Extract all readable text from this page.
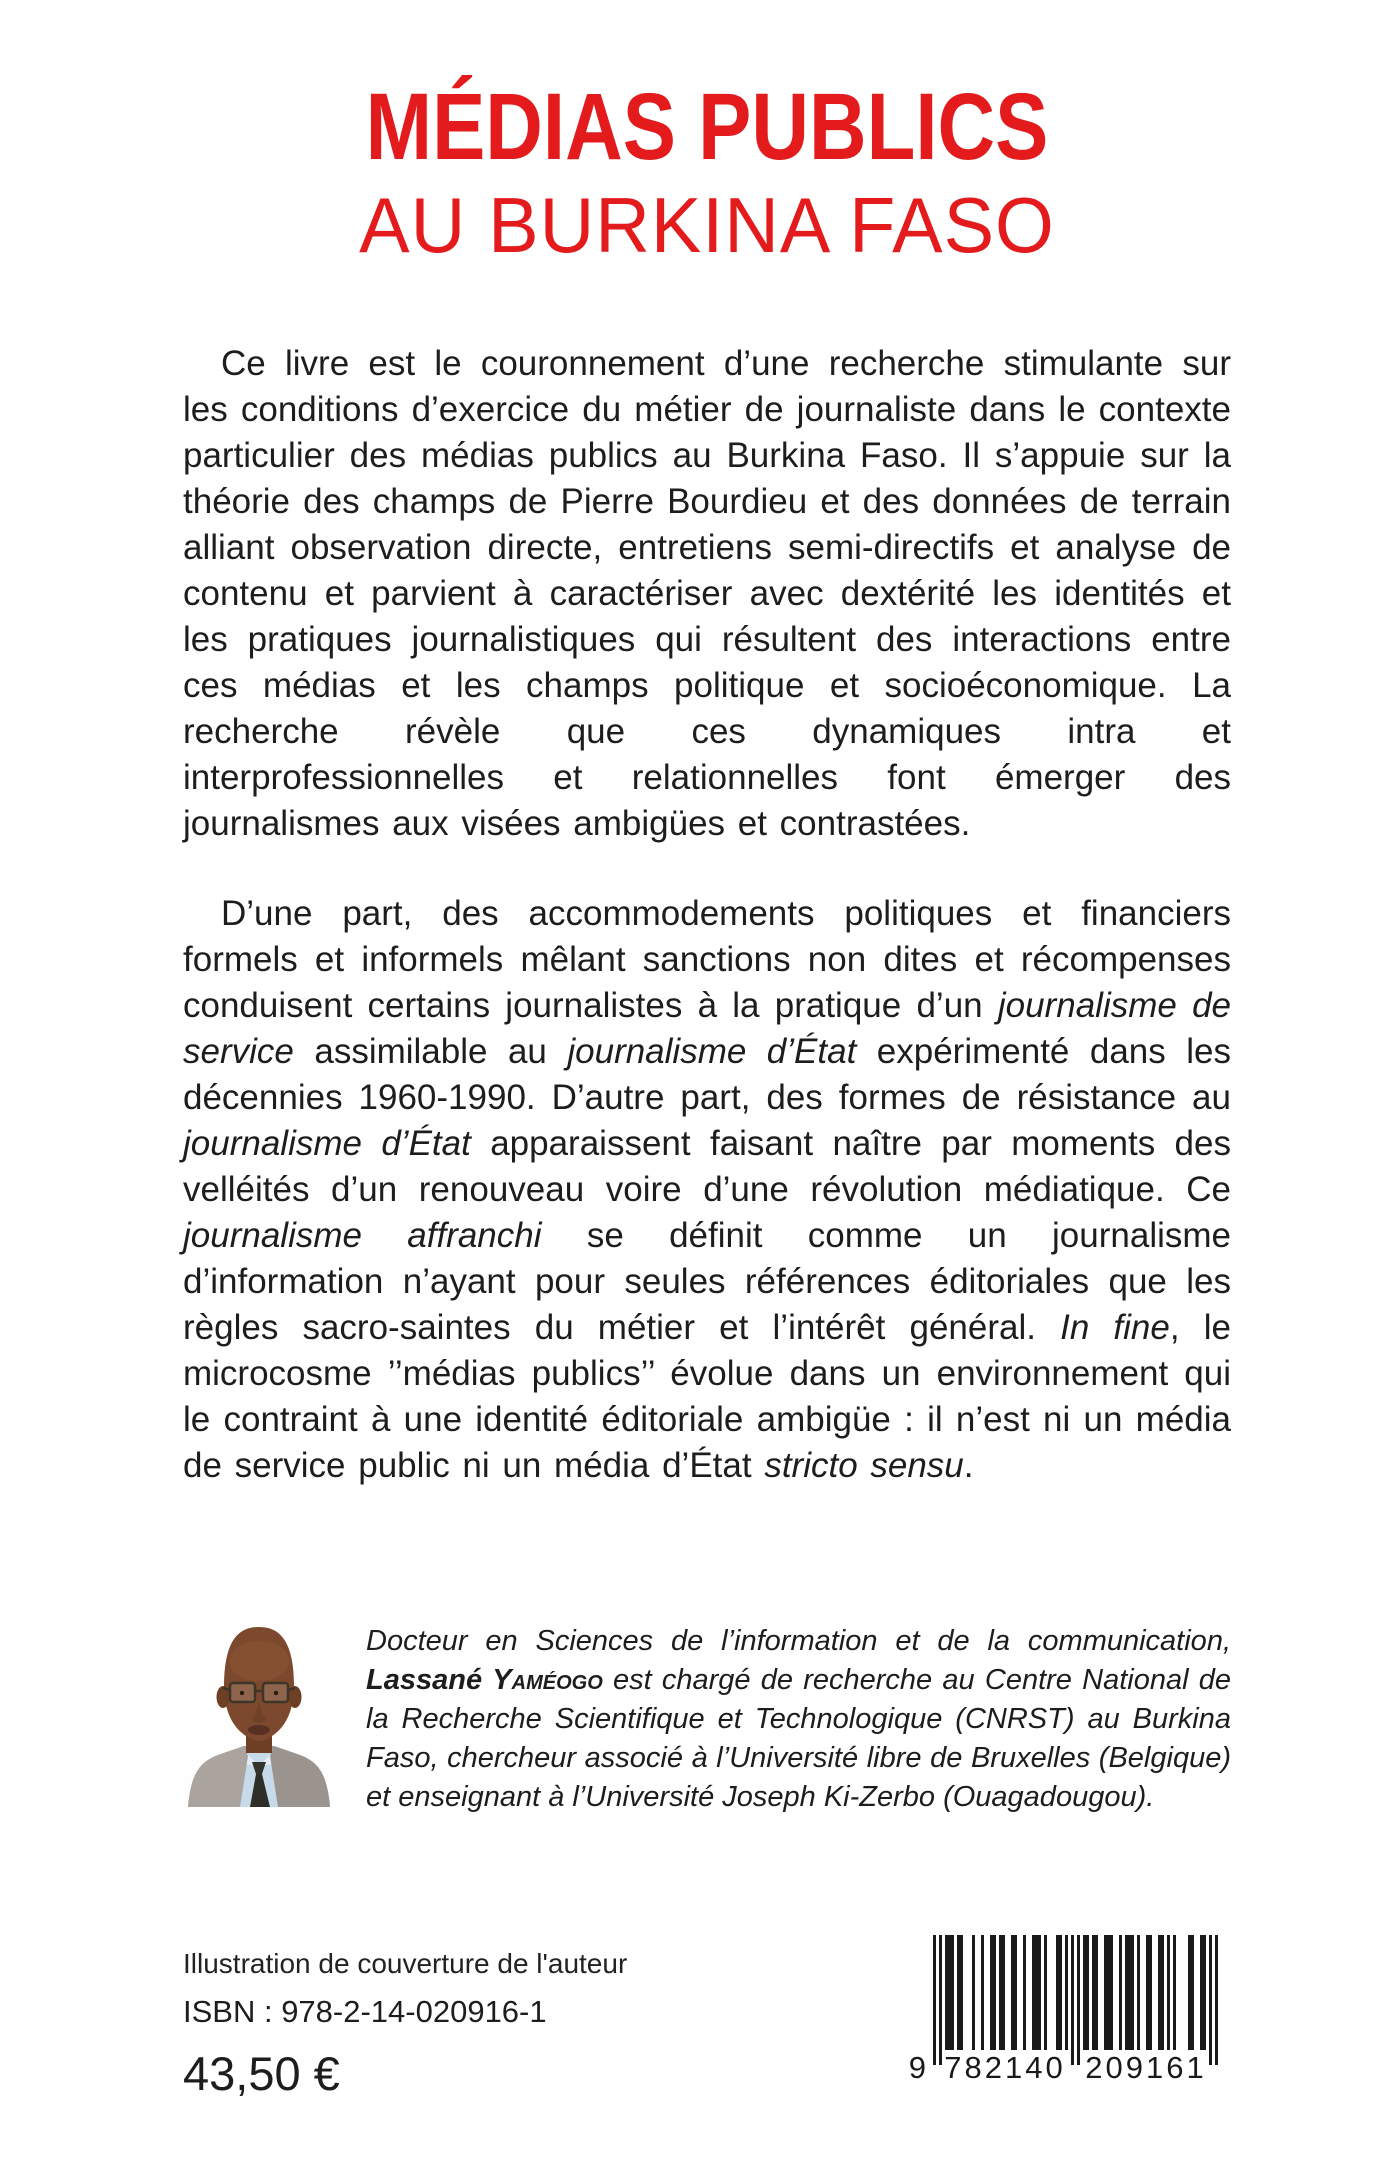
MÉDIAS PUBLICS
AU BURKINA FASO

Ce livre est le couronnement d’une recherche stimulante sur les conditions d’exercice du métier de journaliste dans le contexte particulier des médias publics au Burkina Faso. Il s’appuie sur la théorie des champs de Pierre Bourdieu et des données de terrain alliant observation directe, entretiens semi-directifs et analyse de contenu et parvient à caractériser avec dextérité les identités et les pratiques journalistiques qui résultent des interactions entre ces médias et les champs politique et socioéconomique. La recherche révèle que ces dynamiques intra et interprofessionnelles et relationnelles font émerger des journalismes aux visées ambigües et contrastées.

D’une part, des accommodements politiques et financiers formels et informels mêlant sanctions non dites et récompenses conduisent certains journalistes à la pratique d’un journalisme de service assimilable au journalisme d’État expérimenté dans les décennies 1960-1990. D’autre part, des formes de résistance au journalisme d’État apparaissent faisant naître par moments des velléités d’un renouveau voire d’une révolution médiatique. Ce journalisme affranchi se définit comme un journalisme d’information n’ayant pour seules références éditoriales que les règles sacro-saintes du métier et l’intérêt général. In fine, le microcosme ’’médias publics’’ évolue dans un environnement qui le contraint à une identité éditoriale ambigüe : il n’est ni un média de service public ni un média d’État stricto sensu.

Docteur en Sciences de l’information et de la communication, Lassané Yaméogo est chargé de recherche au Centre National de la Recherche Scientifique et Technologique (CNRST) au Burkina Faso, chercheur associé à l’Université libre de Bruxelles (Belgique) et enseignant à l’Université Joseph Ki-Zerbo (Ouagadougou).

Illustration de couverture de l'auteur
ISBN : 978-2-14-020916-1
43,50 €	9 782140 209161
